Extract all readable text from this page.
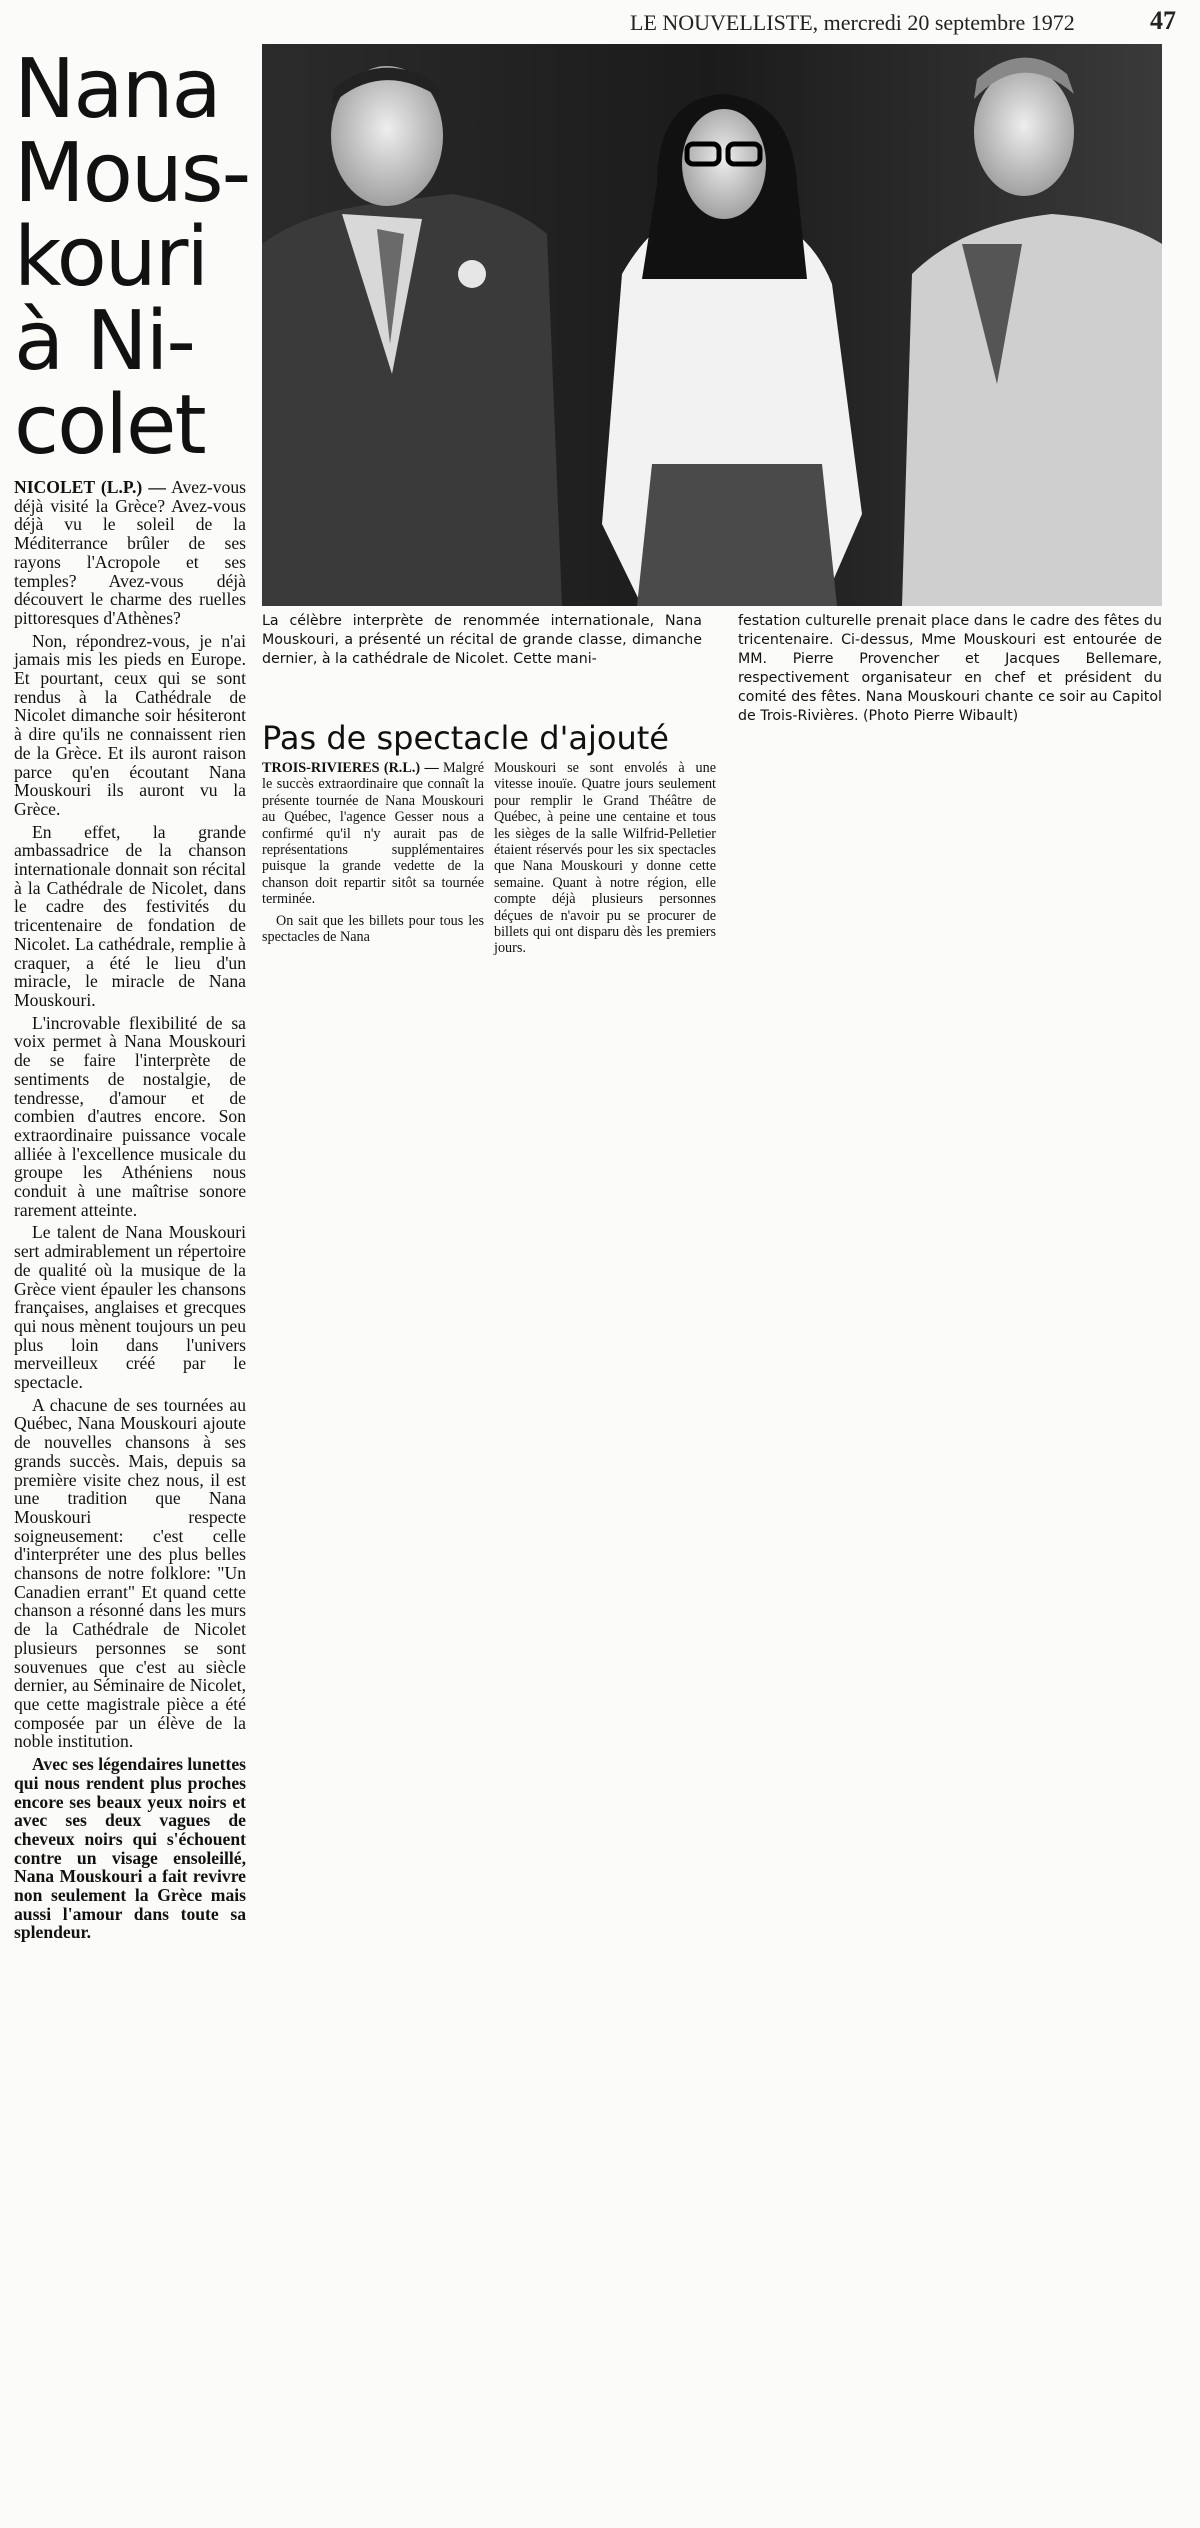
LE NOUVELLISTE, mercredi 20 septembre 1972	47
Nana
Mous-
kouri
à Ni-
colet

NICOLET (L.P.) — Avez-vous déjà visité la Grèce? Avez-vous déjà vu le soleil de la Méditerrance brûler de ses rayons l'Acropole et ses temples? Avez-vous déjà découvert le charme des ruelles pittoresques d'Athènes?

Non, répondrez-vous, je n'ai jamais mis les pieds en Europe. Et pourtant, ceux qui se sont rendus à la Cathédrale de Nicolet dimanche soir hésiteront à dire qu'ils ne connaissent rien de la Grèce. Et ils auront raison parce qu'en écoutant Nana Mouskouri ils auront vu la Grèce.

En effet, la grande ambassadrice de la chanson internationale donnait son récital à la Cathédrale de Nicolet, dans le cadre des festivités du tricentenaire de fondation de Nicolet. La cathédrale, remplie à craquer, a été le lieu d'un miracle, le miracle de Nana Mouskouri.

L'incrovable flexibilité de sa voix permet à Nana Mouskouri de se faire l'interprète de sentiments de nostalgie, de tendresse, d'amour et de combien d'autres encore. Son extraordinaire puissance vocale alliée à l'excellence musicale du groupe les Athéniens nous conduit à une maîtrise sonore rarement atteinte.

Le talent de Nana Mouskouri sert admirablement un répertoire de qualité où la musique de la Grèce vient épauler les chansons françaises, anglaises et grecques qui nous mènent toujours un peu plus loin dans l'univers merveilleux créé par le spectacle.

A chacune de ses tournées au Québec, Nana Mouskouri ajoute de nouvelles chansons à ses grands succès. Mais, depuis sa première visite chez nous, il est une tradition que Nana Mouskouri respecte soigneusement: c'est celle d'interpréter une des plus belles chansons de notre folklore: "Un Canadien errant" Et quand cette chanson a résonné dans les murs de la Cathédrale de Nicolet plusieurs personnes se sont souvenues que c'est au siècle dernier, au Séminaire de Nicolet, que cette magistrale pièce a été composée par un élève de la noble institution.

Avec ses légendaires lunettes qui nous rendent plus proches encore ses beaux yeux noirs et avec ses deux vagues de cheveux noirs qui s'échouent contre un visage ensoleillé, Nana Mouskouri a fait revivre non seulement la Grèce mais aussi l'amour dans toute sa splendeur.

La célèbre interprète de renommée internationale, Nana Mouskouri, a présenté un récital de grande classe, dimanche dernier, à la cathédrale de Nicolet. Cette mani-
festation culturelle prenait place dans le cadre des fêtes du tricentenaire. Ci-dessus, Mme Mouskouri est entourée de MM. Pierre Provencher et Jacques Bellemare, respectivement organisateur en chef et président du comité des fêtes. Nana Mouskouri chante ce soir au Capitol de Trois-Rivières. (Photo Pierre Wibault)
Pas de spectacle d'ajouté

TROIS-RIVIERES (R.L.) — Malgré le succès extraordinaire que connaît la présente tournée de Nana Mouskouri au Québec, l'agence Gesser nous a confirmé qu'il n'y aurait pas de représentations supplémentaires puisque la grande vedette de la chanson doit repartir sitôt sa tournée terminée.

On sait que les billets pour tous les spectacles de Nana

Mouskouri se sont envolés à une vitesse inouïe. Quatre jours seulement pour remplir le Grand Théâtre de Québec, à peine une centaine et tous les sièges de la salle Wilfrid-Pelletier étaient réservés pour les six spectacles que Nana Mouskouri y donne cette semaine. Quant à notre région, elle compte déjà plusieurs personnes déçues de n'avoir pu se procurer de billets qui ont disparu dès les premiers jours.
